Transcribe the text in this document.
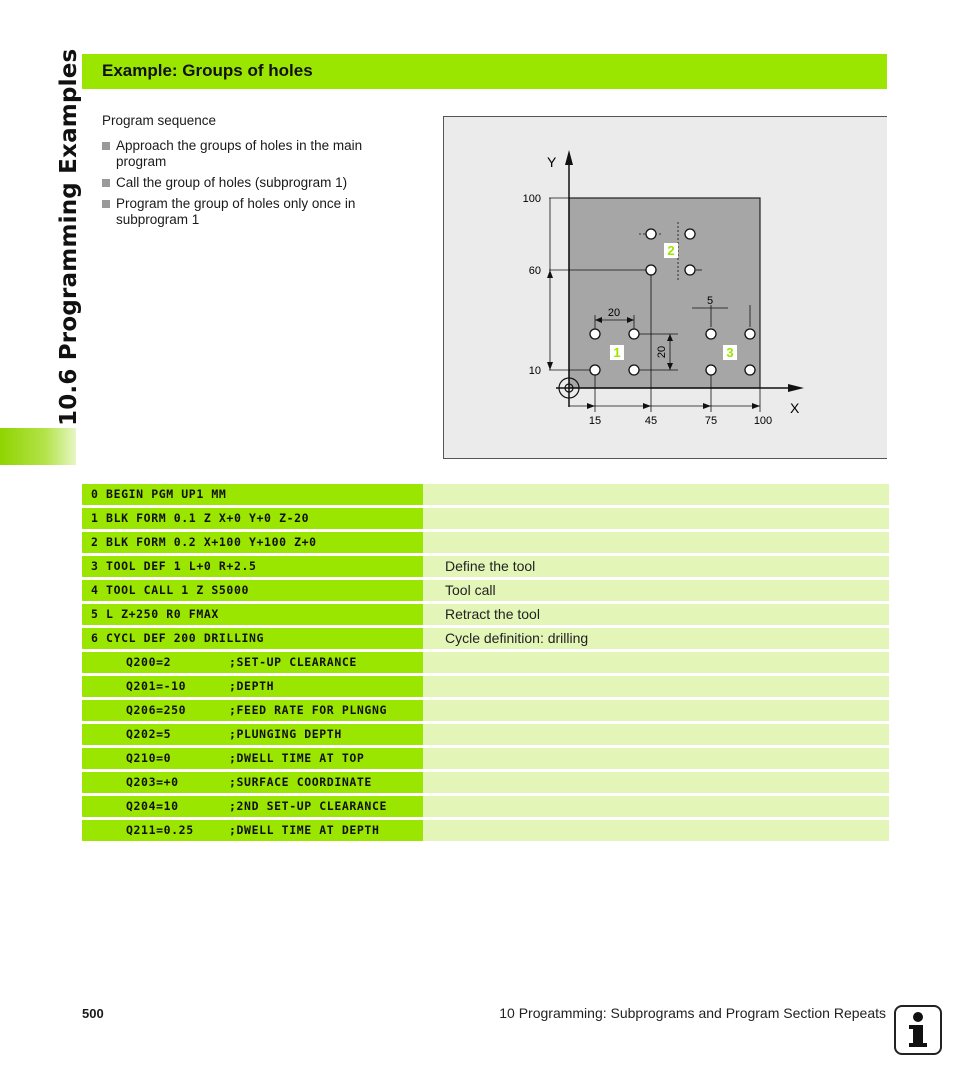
10.6 Programming Examples Example: Groups of holes
Program sequence
Approach the groups of holes in the main program
Call the group of holes (subprogram 1)
Program the group of holes only once in subprogram 1
Y
X
100
60
10
15	45	75	100
20
20
5
1
2
3
0 BEGIN PGM UP1 MM
1 BLK FORM 0.1 Z X+0 Y+0 Z-20
2 BLK FORM 0.2 X+100 Y+100 Z+0
3 TOOL DEF 1 L+0 R+2.5	Define the tool
4 TOOL CALL 1 Z S5000	Tool call
5 L Z+250 R0 FMAX	Retract the tool
6 CYCL DEF 200 DRILLING	Cycle definition: drilling
Q200=2	;SET-UP CLEARANCE
Q201=-10	;DEPTH
Q206=250	;FEED RATE FOR PLNGNG
Q202=5	;PLUNGING DEPTH
Q210=0	;DWELL TIME AT TOP
Q203=+0	;SURFACE COORDINATE
Q204=10	;2ND SET-UP CLEARANCE
Q211=0.25	;DWELL TIME AT DEPTH
500	10 Programming: Subprograms and Program Section Repeats
